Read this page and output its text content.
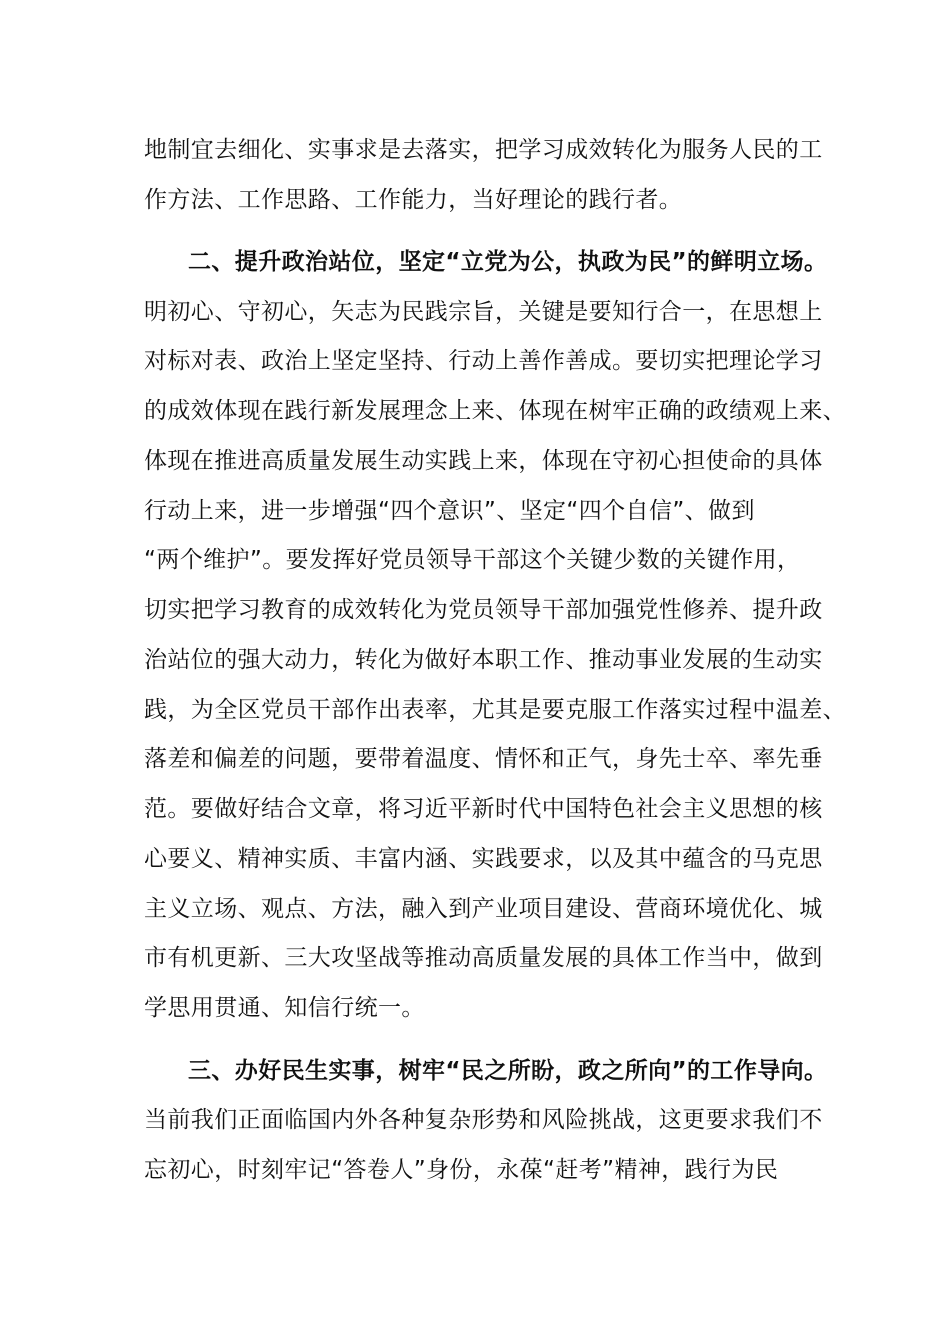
地制宜去细化、实事求是去落实，把学习成效转化为服务人民的工
作方法、工作思路、工作能力，当好理论的践行者。
二、提升政治站位，坚定“立党为公，执政为民”的鲜明立场。
明初心、守初心，矢志为民践宗旨，关键是要知行合一，在思想上
对标对表、政治上坚定坚持、行动上善作善成。要切实把理论学习
的成效体现在践行新发展理念上来、体现在树牢正确的政绩观上来、
体现在推进高质量发展生动实践上来，体现在守初心担使命的具体
行动上来，进一步增强“四个意识”、坚定“四个自信”、做到
“两个维护”。要发挥好党员领导干部这个关键少数的关键作用，
切实把学习教育的成效转化为党员领导干部加强党性修养、提升政
治站位的强大动力，转化为做好本职工作、推动事业发展的生动实
践，为全区党员干部作出表率，尤其是要克服工作落实过程中温差、
落差和偏差的问题，要带着温度、情怀和正气，身先士卒、率先垂
范。要做好结合文章，将习近平新时代中国特色社会主义思想的核
心要义、精神实质、丰富内涵、实践要求，以及其中蕴含的马克思
主义立场、观点、方法，融入到产业项目建设、营商环境优化、城
市有机更新、三大攻坚战等推动高质量发展的具体工作当中，做到
学思用贯通、知信行统一。
三、办好民生实事，树牢“民之所盼，政之所向”的工作导向。
当前我们正面临国内外各种复杂形势和风险挑战，这更要求我们不
忘初心，时刻牢记“答卷人”身份，永葆“赶考”精神，践行为民
